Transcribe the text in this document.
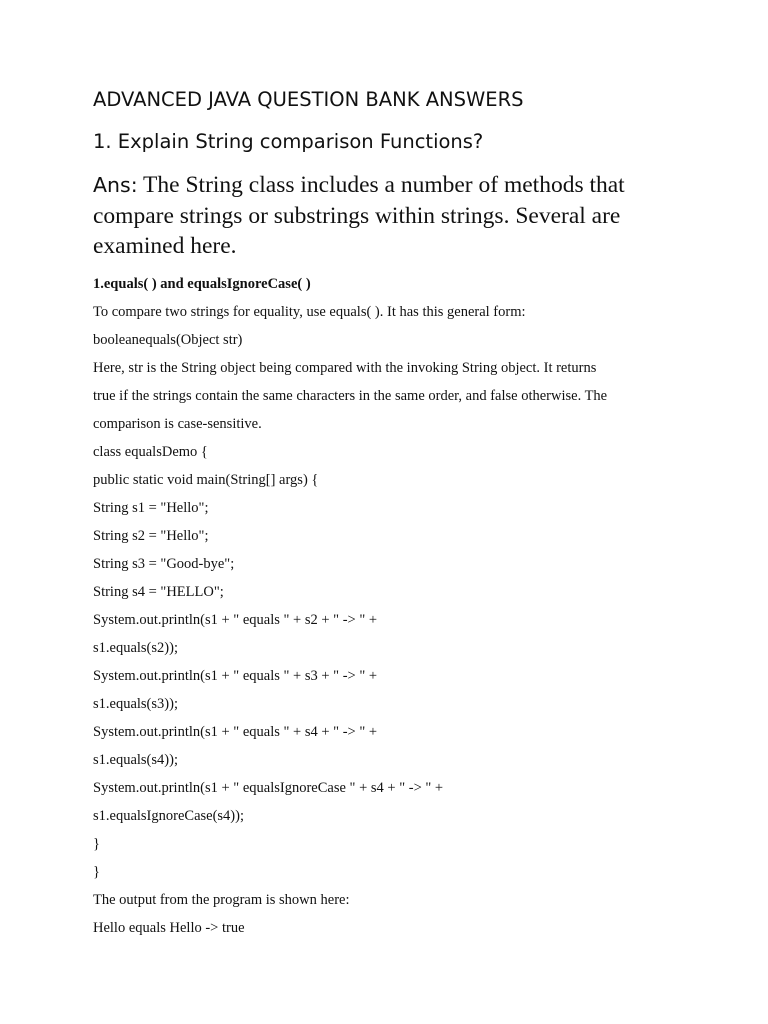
ADVANCED JAVA QUESTION BANK ANSWERS
1. Explain String comparison Functions?

Ans: The String class includes a number of methods that compare strings or substrings within strings. Several are examined here.

1.equals( ) and equalsIgnoreCase( )
To compare two strings for equality, use equals( ). It has this general form:
booleanequals(Object str)
Here, str is the String object being compared with the invoking String object. It returns
true if the strings contain the same characters in the same order, and false otherwise. The
comparison is case-sensitive.
class equalsDemo {
public static void main(String[] args) {
String s1 = "Hello";
String s2 = "Hello";
String s3 = "Good-bye";
String s4 = "HELLO";
System.out.println(s1 + " equals " + s2 + " -> " +
s1.equals(s2));
System.out.println(s1 + " equals " + s3 + " -> " +
s1.equals(s3));
System.out.println(s1 + " equals " + s4 + " -> " +
s1.equals(s4));
System.out.println(s1 + " equalsIgnoreCase " + s4 + " -> " +
s1.equalsIgnoreCase(s4));
}
}
The output from the program is shown here:
Hello equals Hello -> true
